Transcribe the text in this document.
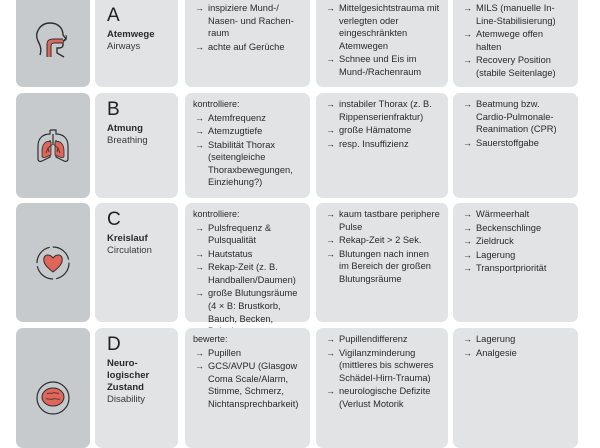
A
Atemwege
Airways
→ inspiziere Mund-/ Nasen- und Rachen-raum
→ achte auf Gerüche
→ Mittelgesichtstrauma mit verlegten oder eingeschränkten Atemwegen
→ Schnee und Eis im Mund-/Rachenraum
→ MILS (manuelle In-Line-Stabilisierung)
→ Atemwege offen halten
→ Recovery Position (stabile Seitenlage)
B
Atmung
Breathing
kontrolliere:
→ Atemfrequenz
→ Atemzugtiefe
→ Stabilität Thorax (seitengleiche Thoraxbewegungen, Einziehung?)
→ instabiler Thorax (z. B. Rippenserienfraktur)
→ große Hämatome
→ resp. Insuffizienz
→ Beatmung bzw. Cardio-Pulmonale-Reanimation (CPR)
→ Sauerstoffgabe
C
Kreislauf
Circulation
kontrolliere:
→ Pulsfrequenz & Pulsqualität
→ Hautstatus
→ Rekap-Zeit (z. B. Handballen/Daumen)
→ große Blutungsräume (4 × B: Brustkorb, Bauch, Becken,
→ kaum tastbare periphere Pulse
→ Rekap-Zeit > 2 Sek.
→ Blutungen nach innen im Bereich der großen Blutungsräume
→ Wärmeerhalt
→ Beckenschlinge
→ Zieldruck
→ Lagerung
→ Transportpriorität
D
Neuro-logischer Zustand
Disability
bewerte:
→ Pupillen
→ GCS/AVPU (Glasgow Coma Scale/Alarm, Stimme, Schmerz, Nichtansprechbarkeit)
→ Pupillendifferenz
→ Vigilanzminderung (mittleres bis schweres Schädel-Hirn-Trauma)
→ neurologische Defizite (Verlust Motorik
→ Lagerung
→ Analgesie
